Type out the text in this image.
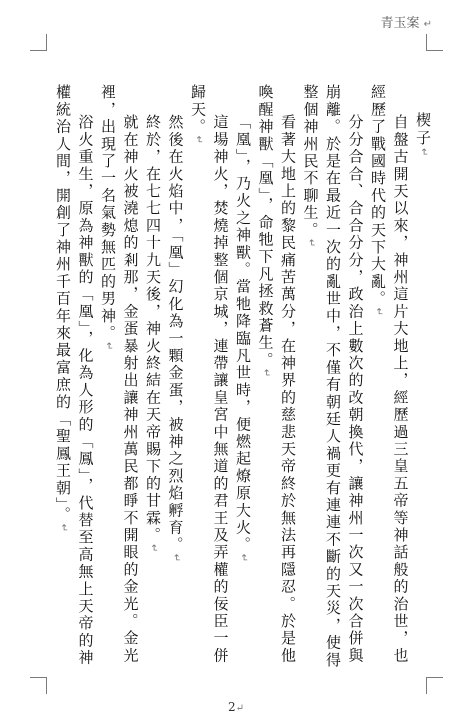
青玉案 ↵

楔子↵

自盤古開天以來，神州這片大地上，經歷過三皇五帝等神話般的治世，也經歷了戰國時代的天下大亂。↵

分分合合、合合分分，政治上數次的改朝換代，讓神州一次又一次合併與崩離。於是在最近一次的亂世中，不僅有朝廷人禍更有連連不斷的天災，使得整個神州民不聊生。↵

看著大地上的黎民痛苦萬分，在神界的慈悲天帝終於無法再隱忍。於是他喚醒神獸「凰」，命牠下凡拯救蒼生。↵

「凰」，乃火之神獸。當牠降臨凡世時，便燃起燎原大火。↵

這場神火，焚燒掉整個京城，連帶讓皇宮中無道的君王及弄權的佞臣一併歸天。↵

然後在火焰中，「凰」幻化為一顆金蛋，被神之烈焰孵育。↵

終於，在七七四十九天後，神火終結在天帝賜下的甘霖。↵

就在神火被澆熄的剎那，金蛋暴射出讓神州萬民都睜不開眼的金光。金光裡，出現了一名氣勢無匹的男神。↵

浴火重生，原為神獸的「凰」，化為人形的「鳳」，代替至高無上天帝的神權統治人間，開創了神州千百年來最富庶的「聖鳳王朝」。↵

2↵
